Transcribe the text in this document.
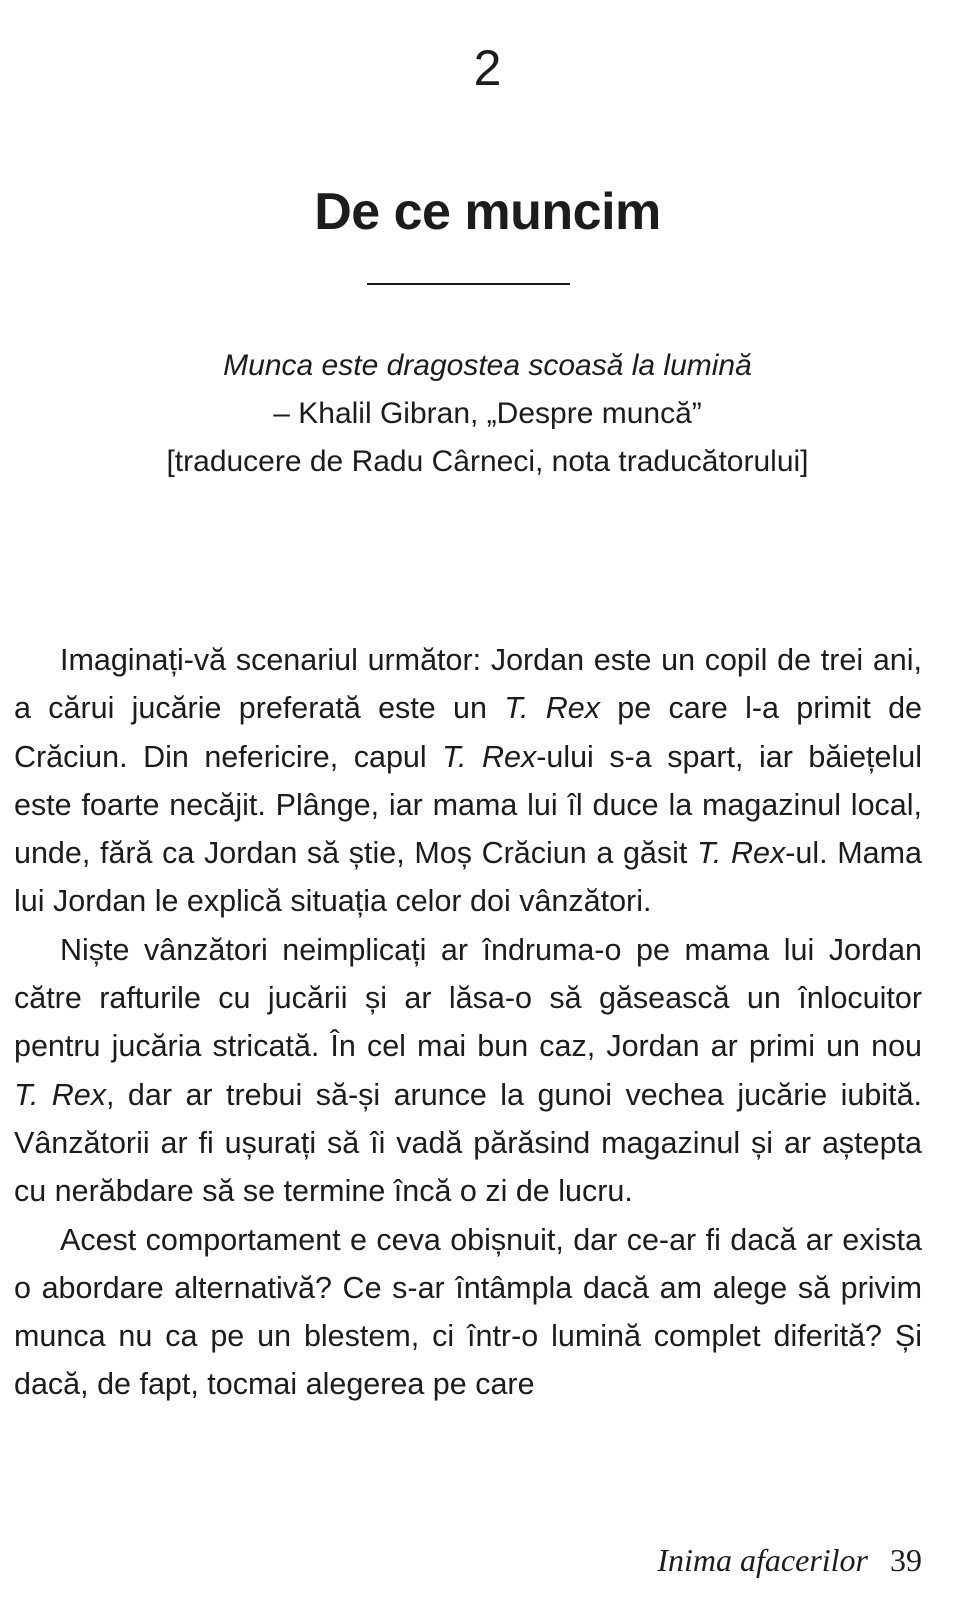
2
De ce muncim
Munca este dragostea scoasă la lumină
– Khalil Gibran, „Despre muncă”
[traducere de Radu Cârneci, nota traducătorului]

Imaginați-vă scenariul următor: Jordan este un copil de trei ani, a cărui jucărie preferată este un T. Rex pe care l-a primit de Crăciun. Din nefericire, capul T. Rex-ului s-a spart, iar băiețelul este foarte necăjit. Plânge, iar mama lui îl duce la magazinul local, unde, fără ca Jordan să știe, Moș Crăciun a găsit T. Rex-ul. Mama lui Jordan le explică situația celor doi vânzători.

Niște vânzători neimplicați ar îndruma-o pe mama lui Jordan către rafturile cu jucării și ar lăsa-o să găsească un înlocuitor pentru jucăria stricată. În cel mai bun caz, Jordan ar primi un nou T. Rex, dar ar trebui să-și arunce la gunoi vechea jucărie iubită. Vânzătorii ar fi ușurați să îi vadă părăsind magazinul și ar aștepta cu nerăbdare să se termine încă o zi de lucru.

Acest comportament e ceva obișnuit, dar ce-ar fi dacă ar exista o abordare alternativă? Ce s-ar întâmpla dacă am alege să privim munca nu ca pe un blestem, ci într-o lumină complet diferită? Și dacă, de fapt, tocmai alegerea pe care

Inima afacerilor 39
